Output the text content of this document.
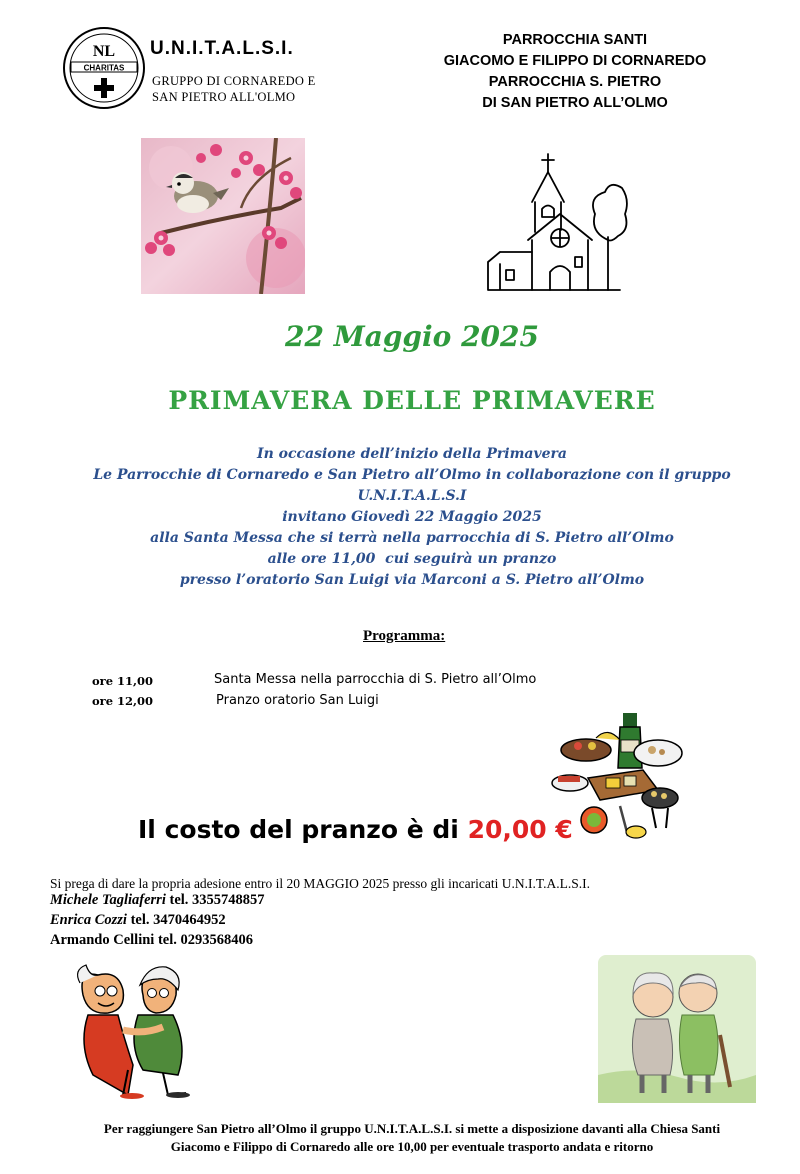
NL
CHARITAS
U.N.I.T.A.L.S.I.
GRUPPO DI CORNAREDO E
SAN PIETRO ALL'OLMO
PARROCCHIA SANTI
GIACOMO E FILIPPO DI CORNAREDO
PARROCCHIA S. PIETRO
DI SAN PIETRO ALL’OLMO
22 Maggio 2025
PRIMAVERA DELLE PRIMAVERE
In occasione dell’inizio della Primavera
Le Parrocchie di Cornaredo e San Pietro all’Olmo in collaborazione con il gruppo
U.N.I.T.A.L.S.I
invitano Giovedì 22 Maggio 2025
alla Santa Messa che si terrà nella parrocchia di S. Pietro all’Olmo
alle ore 11,00  cui seguirà un pranzo
presso l’oratorio San Luigi via Marconi a S. Pietro all’Olmo
Programma:
ore 11,00	Santa Messa nella parrocchia di S. Pietro all’Olmo
ore 12,00	Pranzo oratorio San Luigi
Il costo del pranzo è di 20,00 €
Si prega di dare la propria adesione entro il 20 MAGGIO 2025 presso gli incaricati U.N.I.T.A.L.S.I.
Michele Tagliaferri tel. 3355748857
Enrica Cozzi tel. 3470464952
Armando Cellini tel. 0293568406
Per raggiungere San Pietro all’Olmo il gruppo U.N.I.T.A.L.S.I. si mette a disposizione davanti alla Chiesa Santi
Giacomo e Filippo di Cornaredo alle ore 10,00 per eventuale trasporto andata e ritorno
